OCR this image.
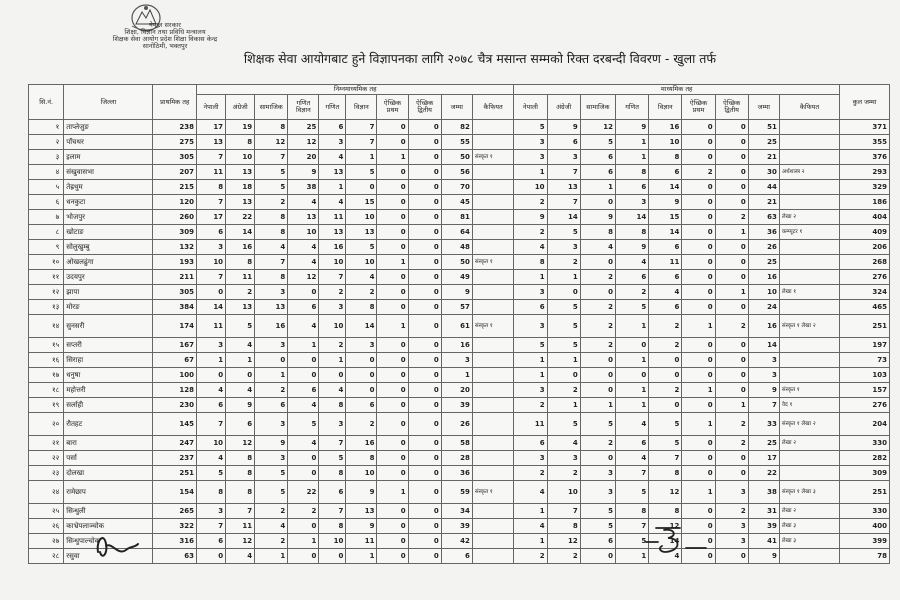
नेपाल सरकार
शिक्षा, विज्ञान तथा प्रविधि मन्त्रालय
शिक्षक सेवा आयोग प्रदेश शिक्षा विकास केन्द्र
सानोठिमी, भक्तपुर
शिक्षक सेवा आयोगबाट हुने विज्ञापनका लागि २०७८ चैत्र मसान्त सम्मको रिक्त दरबन्दी विवरण - खुला तर्फ
सि.नं.	जिल्ला	प्राथमिक तह	निम्नमाध्यमिक तह										माध्यमिक तह									कुल जम्मा
			नेपाली	अंग्रेजी	सामाजिक	गणित विज्ञान	गणित	विज्ञान	ऐच्छिक प्रथम	ऐच्छिक द्वितीय	जम्मा	कैफियत	नेपाली	अंग्रेजी	सामाजिक	गणित	विज्ञान	ऐच्छिक प्रथम	ऐच्छिक द्वितीय	जम्मा	कैफियत	
१	ताप्लेजुङ	238	17	19	8	25	6	7	0	0	82		5	9	12	9	16	0	0	51		371
२	पाँचथर	275	13	8	12	12	3	7	0	0	55		3	6	5	1	10	0	0	25		355
३	इलाम	305	7	10	7	20	4	1	1	0	50	संस्कृत १	3	3	6	1	8	0	0	21		376
४	संखुवासभा	207	11	13	5	9	13	5	0	0	56		1	7	6	8	6	2	0	30	अर्थशास्त्र २	293
५	तेह्रथुम	215	8	18	5	38	1	0	0	0	70		10	13	1	6	14	0	0	44		329
६	धनकुटा	120	7	13	2	4	4	15	0	0	45		2	7	0	3	9	0	0	21		186
७	भोजपुर	260	17	22	8	13	11	10	0	0	81		9	14	9	14	15	0	2	63	लेखा २	404
८	खोटाङ	309	6	14	8	10	13	13	0	0	64		2	5	8	8	14	0	1	36	कम्प्यूटर १	409
९	सोलुखुम्बु	132	3	16	4	4	16	5	0	0	48		4	3	4	9	6	0	0	26		206
१०	ओखलढुंगा	193	10	8	7	4	10	10	1	0	50	संस्कृत १	8	2	0	4	11	0	0	25		268
११	उदयपुर	211	7	11	8	12	7	4	0	0	49		1	1	2	6	6	0	0	16		276
१२	झापा	305	0	2	3	0	2	2	0	0	9		3	0	0	2	4	0	1	10	लेखा १	324
१३	मोरङ	384	14	13	13	6	3	8	0	0	57		6	5	2	5	6	0	0	24		465
१४	सुनसरी	174	11	5	16	4	10	14	1	0	61	संस्कृत १	3	5	2	1	2	1	2	16	संस्कृत १ लेखा २	251
१५	सप्तरी	167	3	4	3	1	2	3	0	0	16		5	5	2	0	2	0	0	14		197
१६	सिराहा	67	1	1	0	0	1	0	0	0	3		1	1	0	1	0	0	0	3		73
१७	धनुषा	100	0	0	1	0	0	0	0	0	1		1	0	0	0	0	0	0	3		103
१८	महोत्तरी	128	4	4	2	6	4	0	0	0	20		3	2	0	1	2	1	0	9	संस्कृत १	157
१९	सर्लाही	230	6	9	6	4	8	6	0	0	39		2	1	1	1	0	0	1	7	वेद १	276
२०	रौतहट	145	7	6	3	5	3	2	0	0	26		11	5	5	4	5	1	2	33	संस्कृत १ लेखा २	204
२१	बारा	247	10	12	9	4	7	16	0	0	58		6	4	2	6	5	0	2	25	लेखा २	330
२२	पर्सा	237	4	8	3	0	5	8	0	0	28		3	3	0	4	7	0	0	17		282
२३	दोलखा	251	5	8	5	0	8	10	0	0	36		2	2	3	7	8	0	0	22		309
२४	रामेछाप	154	8	8	5	22	6	9	1	0	59	संस्कृत १	4	10	3	5	12	1	3	38	संस्कृत १ लेखा ३	251
२५	सिन्धुली	265	3	7	2	2	7	13	0	0	34		1	7	5	8	8	0	2	31	लेखा २	330
२६	काभ्रेपलाञ्चोक	322	7	11	4	0	8	9	0	0	39		4	8	5	7	12	0	3	39	लेखा ३	400
२७	सिन्धुपाल्चोक	316	6	12	2	1	10	11	0	0	42		1	12	6	5	14	0	3	41	लेखा ३	399
२८	रसुवा	63	0	4	1	0	0	1	0	0	6		2	2	0	1	4	0	0	9		78
